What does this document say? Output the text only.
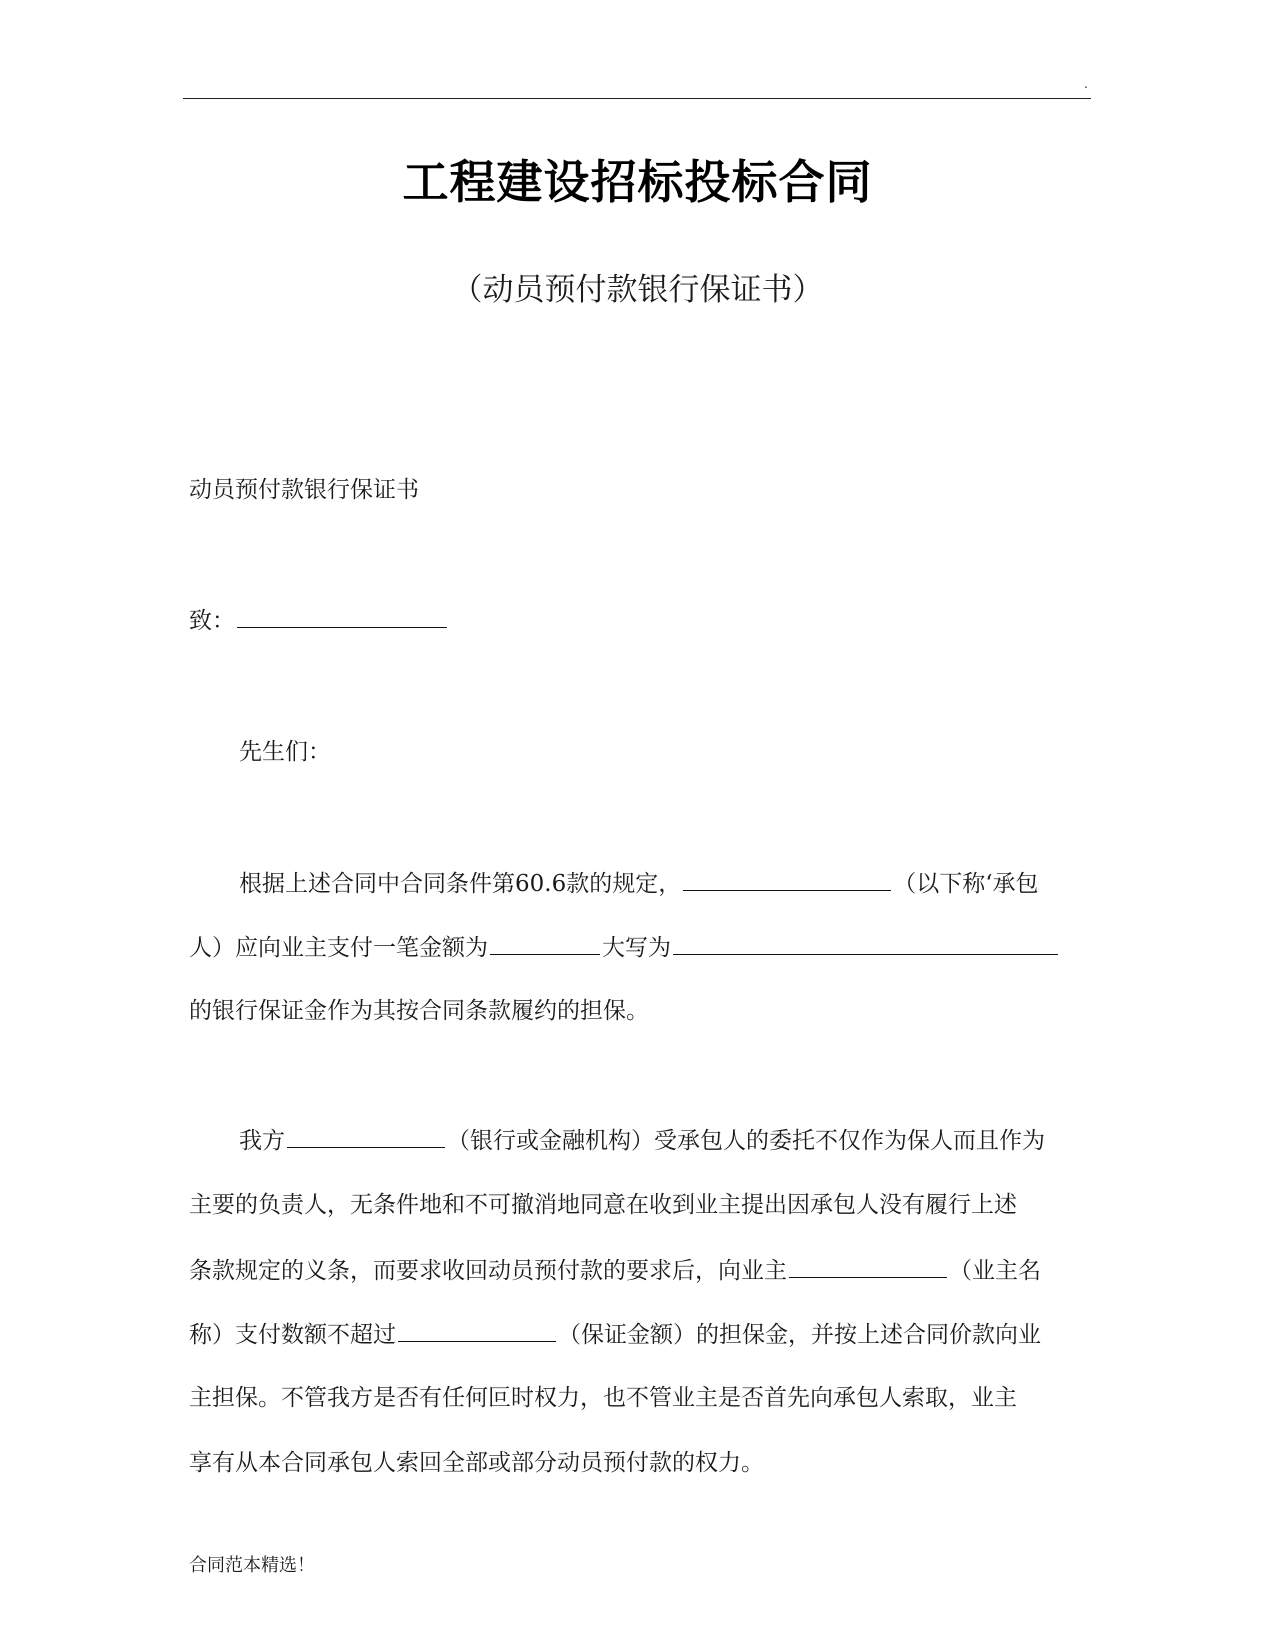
.
工程建设招标投标合同
（动员预付款银行保证书）
动员预付款银行保证书
致：
先生们：
根据上述合同中合同条件第60.6款的规定，	（以下称‘承包
人）应向业主支付一笔金额为	大写为
的银行保证金作为其按合同条款履约的担保。
我方	（银行或金融机构）受承包人的委托不仅作为保人而且作为
主要的负责人，无条件地和不可撤消地同意在收到业主提出因承包人没有履行上述
条款规定的义条，而要求收回动员预付款的要求后，向业主	（业主名
称）支付数额不超过	（保证金额）的担保金，并按上述合同价款向业
主担保。不管我方是否有任何叵时权力，也不管业主是否首先向承包人索取，业主
享有从本合同承包人索回全部或部分动员预付款的权力。
合同范本精选！
